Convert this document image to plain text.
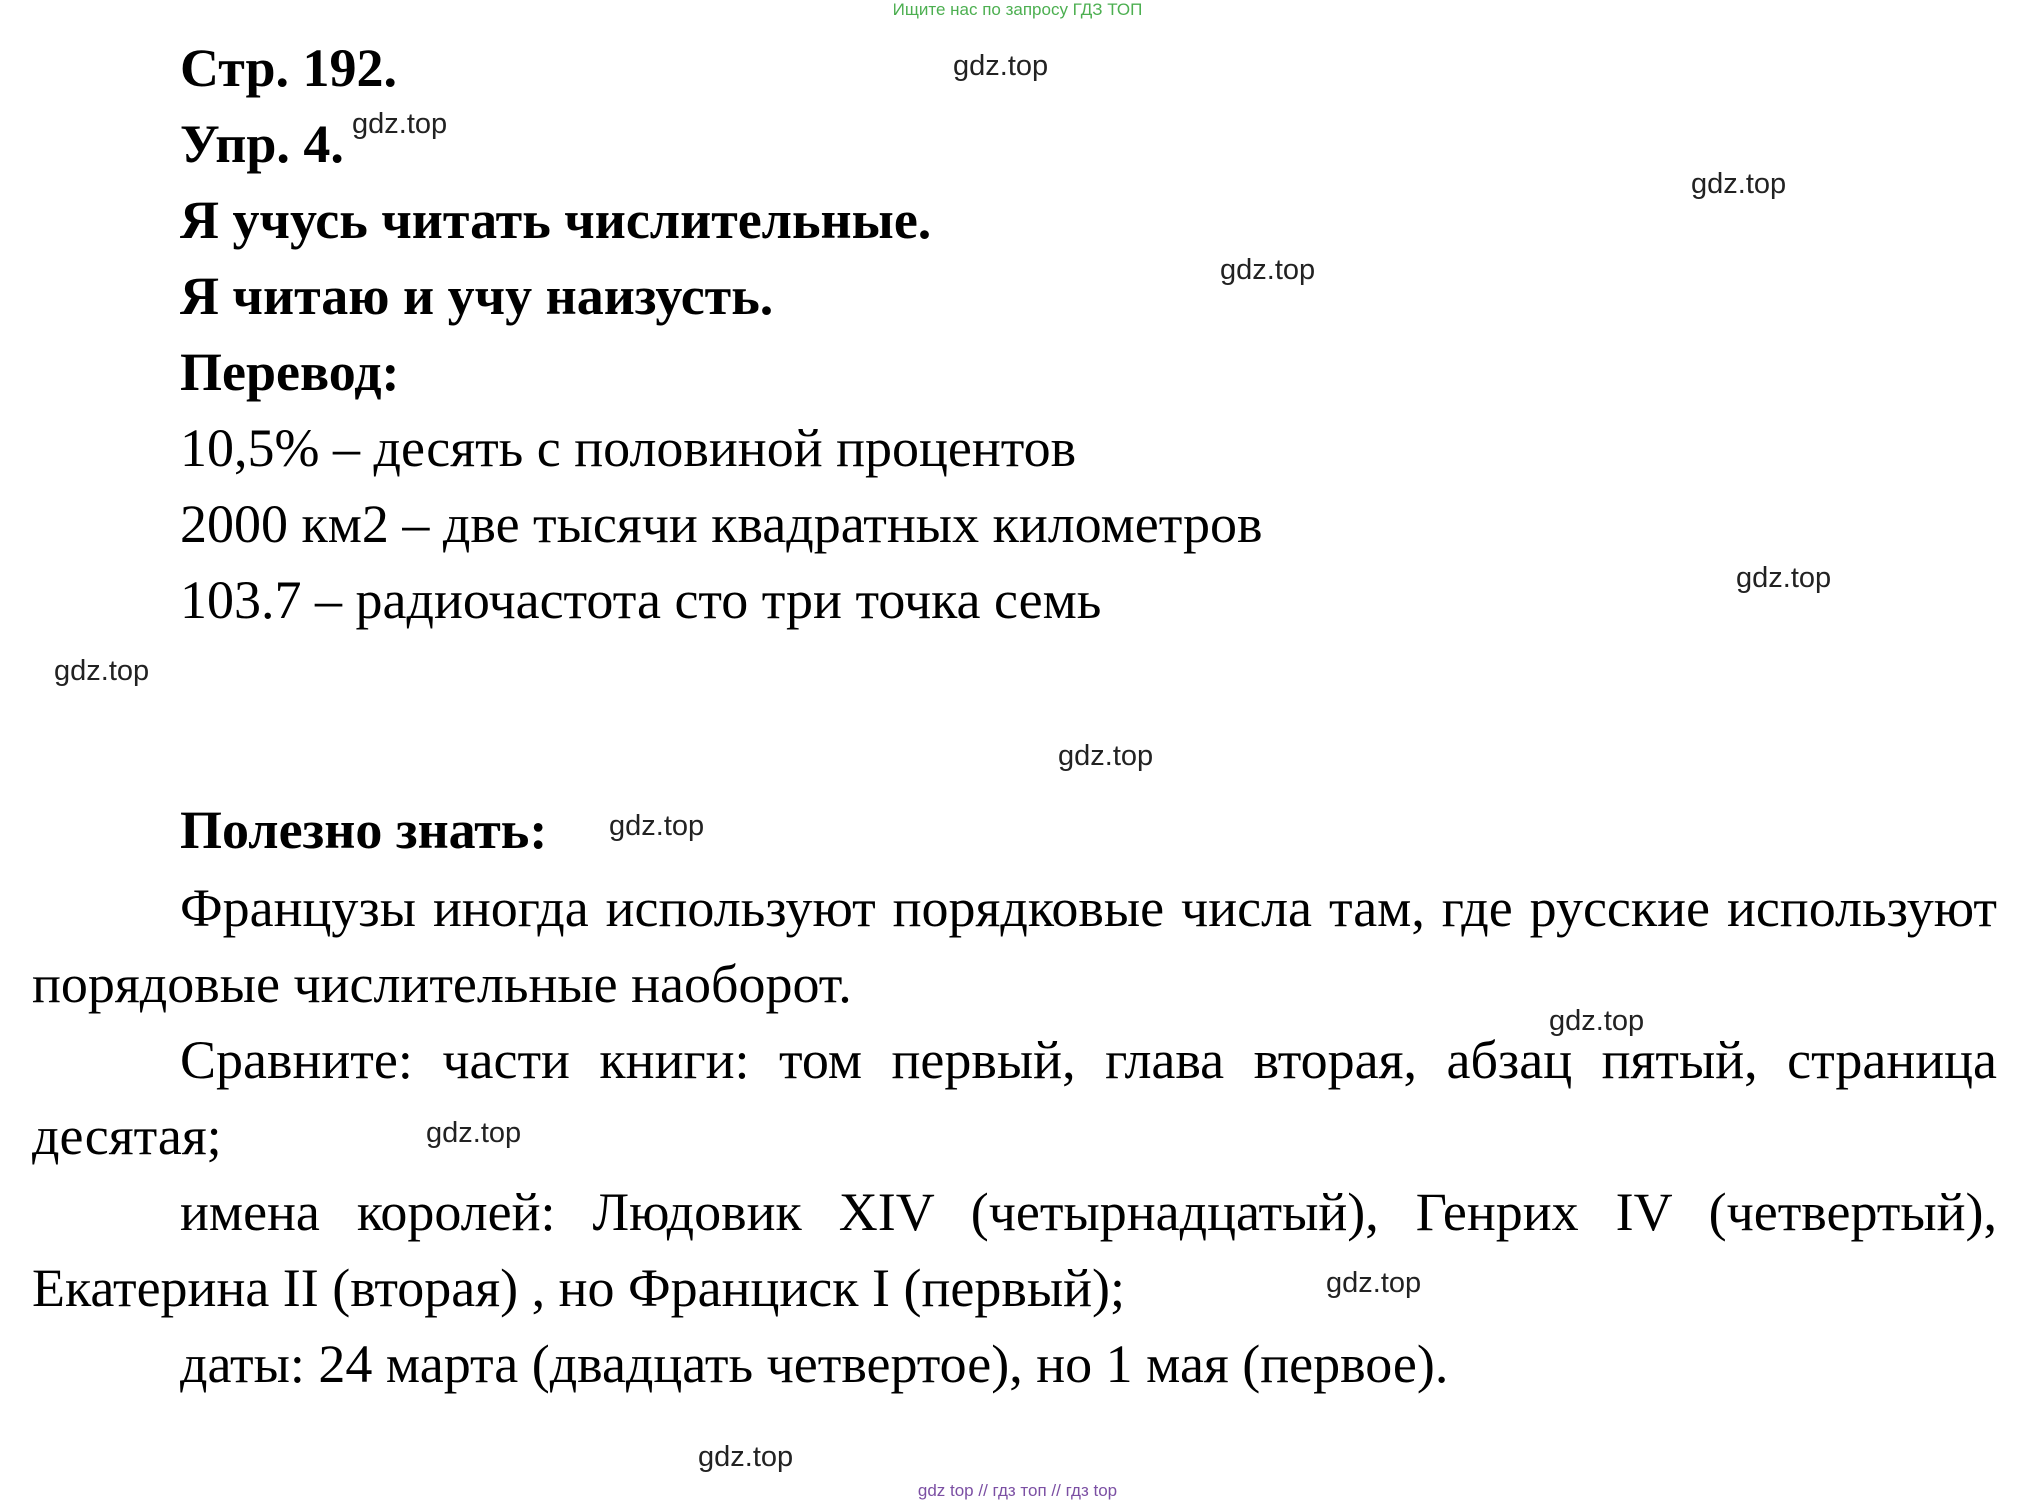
Ищите нас по запросу ГДЗ ТОП
Стр. 192.
Упр. 4.
Я учусь читать числительные.
Я читаю и учу наизусть.
Перевод:
10,5% – десять с половиной процентов
2000 км2 – две тысячи квадратных километров
103.7 – радиочастота сто три точка семь
Полезно знать:
Французы иногда используют порядковые числа там, где русские используют порядовые числительные наоборот.
Сравните: части книги: том первый, глава вторая, абзац пятый, страница десятая;
имена королей: Людовик XIV (четырнадцатый), Генрих IV (четвертый), Екатерина II (вторая) , но Франциск I (первый);
даты: 24 марта (двадцать четвертое), но 1 мая (первое).
gdz.top
gdz.top
gdz.top
gdz.top
gdz.top
gdz.top
gdz.top
gdz.top
gdz.top
gdz.top
gdz.top
gdz.top
gdz top // гдз топ // гдз top
